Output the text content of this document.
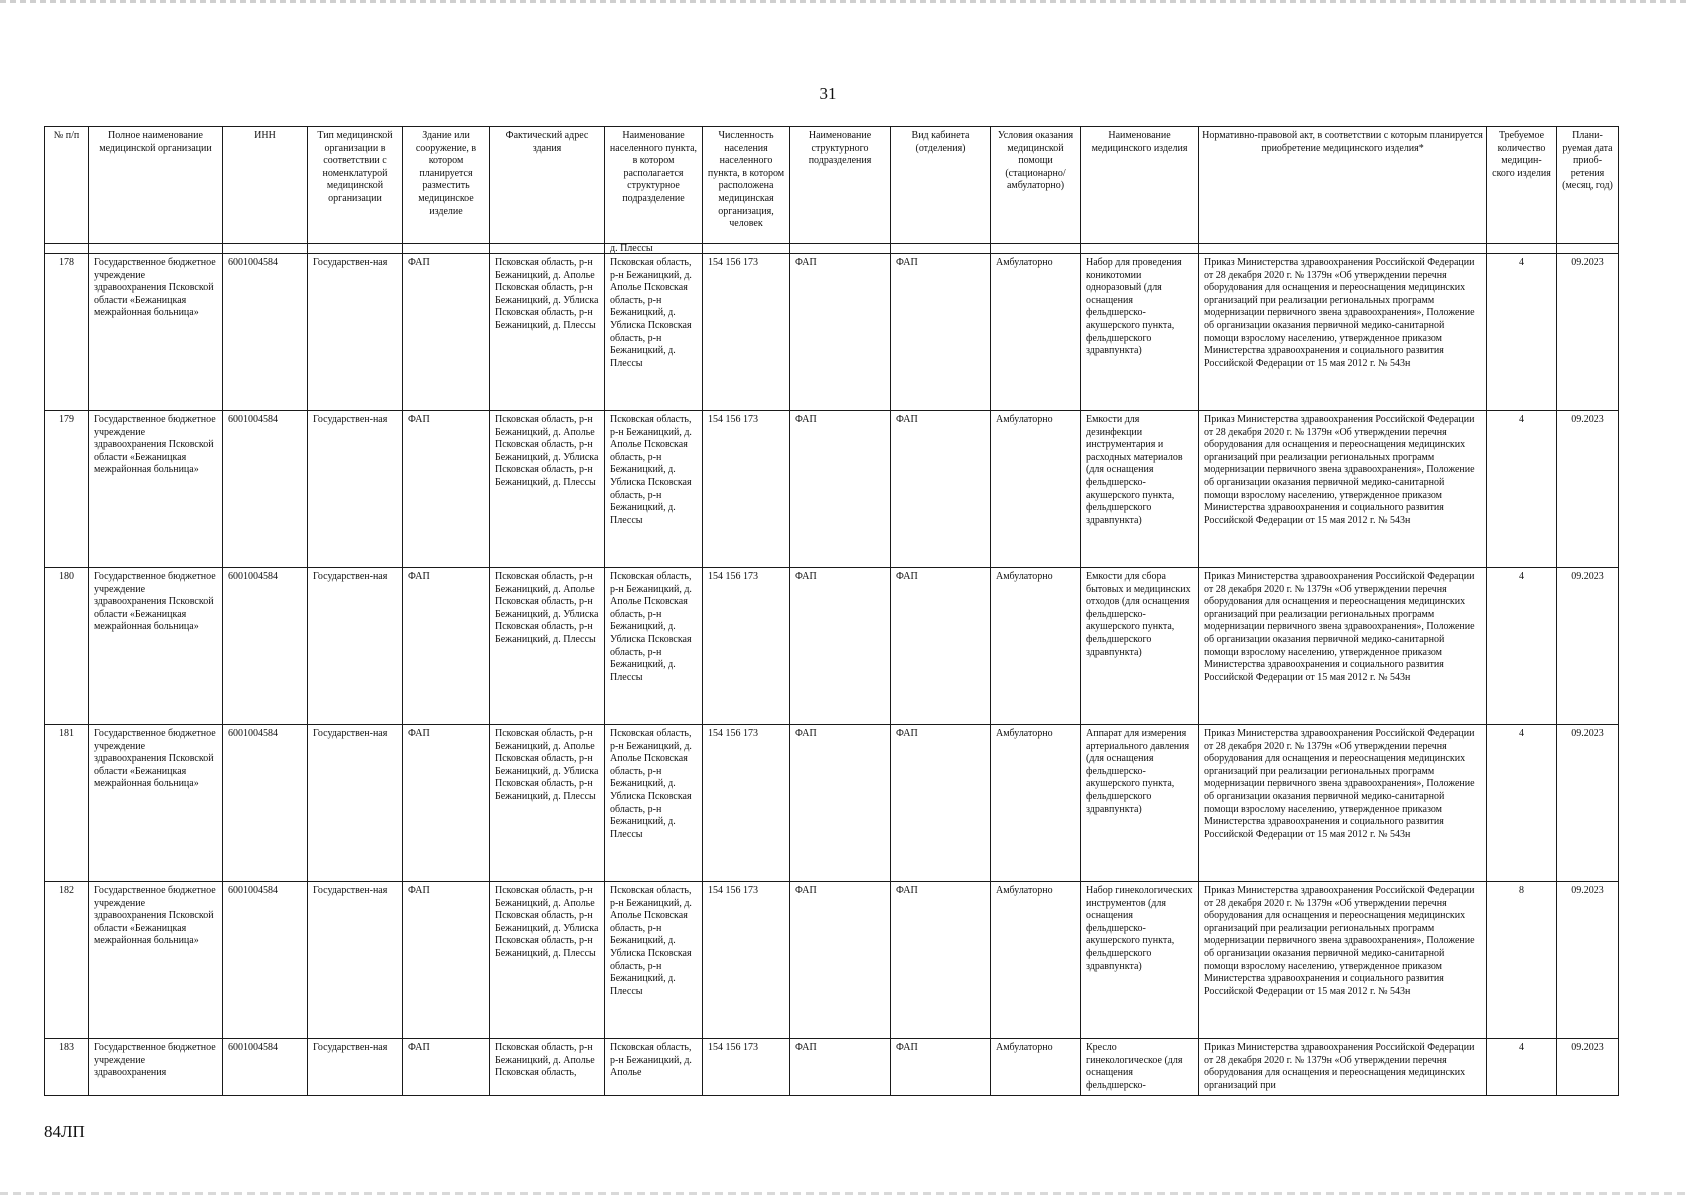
31
№ п/п	Полное наименование медицинской организации	ИНН	Тип медицинской организации в соответствии с номенклатурой медицинской организации	Здание или сооружение, в котором планируется разместить медицинское изделие	Фактический адрес здания	Наименование населенного пункта, в котором располагается структурное подразделение	Численность населения населенного пункта, в котором расположена медицинская организация, человек	Наименование структурного подразделения	Вид кабинета (отделения)	Условия оказания медицинской помощи (стационарно/ амбулаторно)	Наименование медицинского изделия	Нормативно-правовой акт, в соответствии с которым планируется приобретение медицинского изделия*	Требуемое количество медицин-ского изделия	Плани-руемая дата приоб-ретения (месяц, год)
						д. Плессы								
178	Государственное бюджетное учреждение здравоохранения Псковской области «Бежаницкая межрайонная больница»	6001004584	Государствен-ная	ФАП	Псковская область, р-н Бежаницкий, д. Аполье Псковская область, р-н Бежаницкий, д. Ублиска Псковская область, р-н Бежаницкий, д. Плессы	Псковская область, р-н Бежаницкий, д. Аполье Псковская область, р-н Бежаницкий, д. Ублиска Псковская область, р-н Бежаницкий, д. Плессы	154 156 173	ФАП	ФАП	Амбулаторно	Набор для проведения коникотомии одноразовый (для оснащения фельдшерско-акушерского пункта, фельдшерского здравпункта)	Приказ Министерства здравоохранения Российской Федерации от 28 декабря 2020 г. № 1379н «Об утверждении перечня оборудования для оснащения и переоснащения медицинских организаций при реализации региональных программ модернизации первичного звена здравоохранения», Положение об организации оказания первичной медико-санитарной помощи взрослому населению, утвержденное приказом Министерства здравоохранения и социального развития Российской Федерации от 15 мая 2012 г. № 543н	4	09.2023
179	Государственное бюджетное учреждение здравоохранения Псковской области «Бежаницкая межрайонная больница»	6001004584	Государствен-ная	ФАП	Псковская область, р-н Бежаницкий, д. Аполье Псковская область, р-н Бежаницкий, д. Ублиска Псковская область, р-н Бежаницкий, д. Плессы	Псковская область, р-н Бежаницкий, д. Аполье Псковская область, р-н Бежаницкий, д. Ублиска Псковская область, р-н Бежаницкий, д. Плессы	154 156 173	ФАП	ФАП	Амбулаторно	Емкости для дезинфекции инструментария и расходных материалов (для оснащения фельдшерско-акушерского пункта, фельдшерского здравпункта)	Приказ Министерства здравоохранения Российской Федерации от 28 декабря 2020 г. № 1379н «Об утверждении перечня оборудования для оснащения и переоснащения медицинских организаций при реализации региональных программ модернизации первичного звена здравоохранения», Положение об организации оказания первичной медико-санитарной помощи взрослому населению, утвержденное приказом Министерства здравоохранения и социального развития Российской Федерации от 15 мая 2012 г. № 543н	4	09.2023
180	Государственное бюджетное учреждение здравоохранения Псковской области «Бежаницкая межрайонная больница»	6001004584	Государствен-ная	ФАП	Псковская область, р-н Бежаницкий, д. Аполье Псковская область, р-н Бежаницкий, д. Ублиска Псковская область, р-н Бежаницкий, д. Плессы	Псковская область, р-н Бежаницкий, д. Аполье Псковская область, р-н Бежаницкий, д. Ублиска Псковская область, р-н Бежаницкий, д. Плессы	154 156 173	ФАП	ФАП	Амбулаторно	Емкости для сбора бытовых и медицинских отходов (для оснащения фельдшерско-акушерского пункта, фельдшерского здравпункта)	Приказ Министерства здравоохранения Российской Федерации от 28 декабря 2020 г. № 1379н «Об утверждении перечня оборудования для оснащения и переоснащения медицинских организаций при реализации региональных программ модернизации первичного звена здравоохранения», Положение об организации оказания первичной медико-санитарной помощи взрослому населению, утвержденное приказом Министерства здравоохранения и социального развития Российской Федерации от 15 мая 2012 г. № 543н	4	09.2023
181	Государственное бюджетное учреждение здравоохранения Псковской области «Бежаницкая межрайонная больница»	6001004584	Государствен-ная	ФАП	Псковская область, р-н Бежаницкий, д. Аполье Псковская область, р-н Бежаницкий, д. Ублиска Псковская область, р-н Бежаницкий, д. Плессы	Псковская область, р-н Бежаницкий, д. Аполье Псковская область, р-н Бежаницкий, д. Ублиска Псковская область, р-н Бежаницкий, д. Плессы	154 156 173	ФАП	ФАП	Амбулаторно	Аппарат для измерения артериального давления (для оснащения фельдшерско-акушерского пункта, фельдшерского здравпункта)	Приказ Министерства здравоохранения Российской Федерации от 28 декабря 2020 г. № 1379н «Об утверждении перечня оборудования для оснащения и переоснащения медицинских организаций при реализации региональных программ модернизации первичного звена здравоохранения», Положение об организации оказания первичной медико-санитарной помощи взрослому населению, утвержденное приказом Министерства здравоохранения и социального развития Российской Федерации от 15 мая 2012 г. № 543н	4	09.2023
182	Государственное бюджетное учреждение здравоохранения Псковской области «Бежаницкая межрайонная больница»	6001004584	Государствен-ная	ФАП	Псковская область, р-н Бежаницкий, д. Аполье Псковская область, р-н Бежаницкий, д. Ублиска Псковская область, р-н Бежаницкий, д. Плессы	Псковская область, р-н Бежаницкий, д. Аполье Псковская область, р-н Бежаницкий, д. Ублиска Псковская область, р-н Бежаницкий, д. Плессы	154 156 173	ФАП	ФАП	Амбулаторно	Набор гинекологических инструментов (для оснащения фельдшерско-акушерского пункта, фельдшерского здравпункта)	Приказ Министерства здравоохранения Российской Федерации от 28 декабря 2020 г. № 1379н «Об утверждении перечня оборудования для оснащения и переоснащения медицинских организаций при реализации региональных программ модернизации первичного звена здравоохранения», Положение об организации оказания первичной медико-санитарной помощи взрослому населению, утвержденное приказом Министерства здравоохранения и социального развития Российской Федерации от 15 мая 2012 г. № 543н	8	09.2023
183	Государственное бюджетное учреждение здравоохранения	6001004584	Государствен-ная	ФАП	Псковская область, р-н Бежаницкий, д. Аполье Псковская область,	Псковская область, р-н Бежаницкий, д. Аполье	154 156 173	ФАП	ФАП	Амбулаторно	Кресло гинекологическое (для оснащения фельдшерско-	Приказ Министерства здравоохранения Российской Федерации от 28 декабря 2020 г. № 1379н «Об утверждении перечня оборудования для оснащения и переоснащения медицинских организаций при	4	09.2023
84ЛП
